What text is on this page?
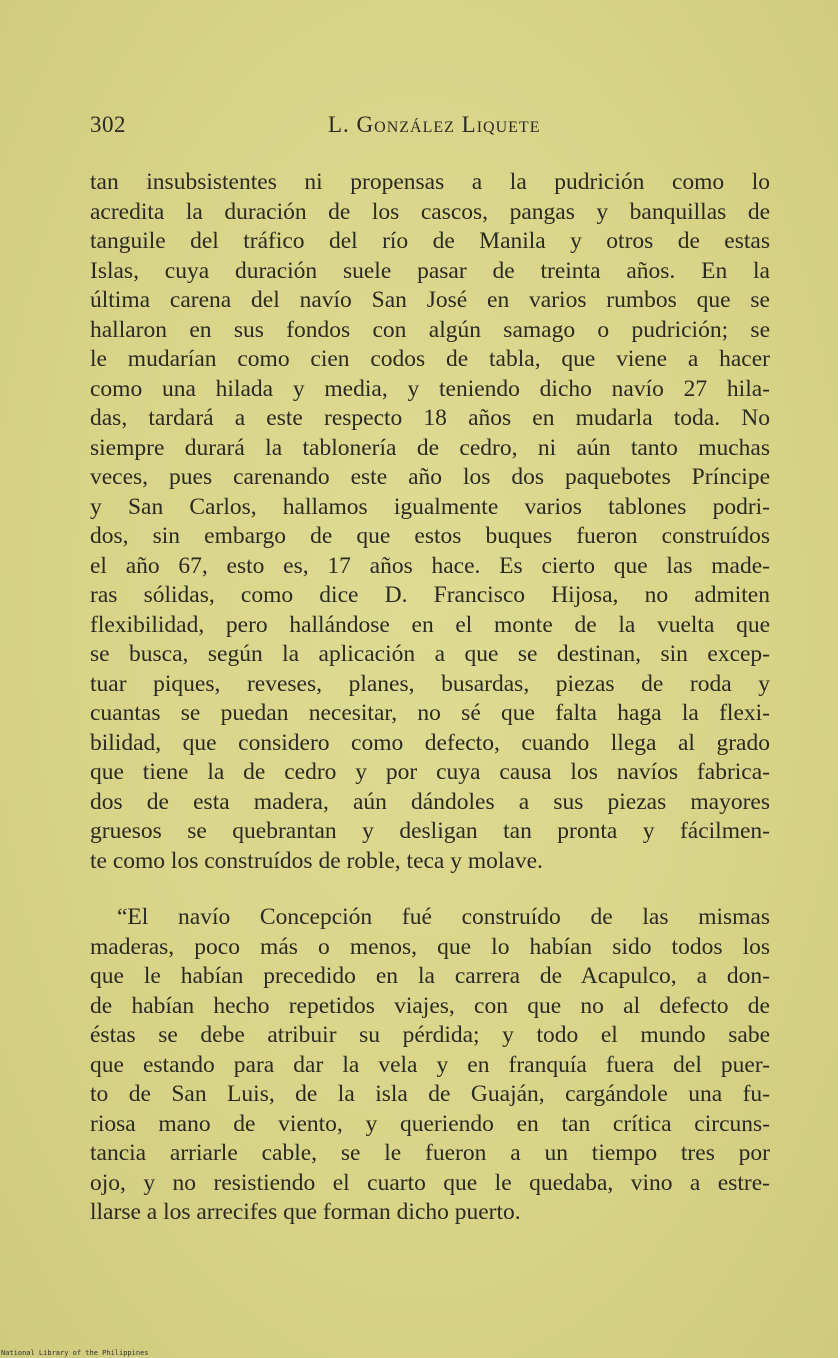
302	L. González Liquete
tan insubsistentes ni propensas a la pudrición como lo
acredita la duración de los cascos, pangas y banquillas de
tanguile del tráfico del río de Manila y otros de estas
Islas, cuya duración suele pasar de treinta años. En la
última carena del navío San José en varios rumbos que se
hallaron en sus fondos con algún samago o pudrición; se
le mudarían como cien codos de tabla, que viene a hacer
como una hilada y media, y teniendo dicho navío 27 hila-
das, tardará a este respecto 18 años en mudarla toda. No
siempre durará la tablonería de cedro, ni aún tanto muchas
veces, pues carenando este año los dos paquebotes Príncipe
y San Carlos, hallamos igualmente varios tablones podri-
dos, sin embargo de que estos buques fueron construídos
el año 67, esto es, 17 años hace. Es cierto que las made-
ras sólidas, como dice D. Francisco Hijosa, no admiten
flexibilidad, pero hallándose en el monte de la vuelta que
se busca, según la aplicación a que se destinan, sin excep-
tuar piques, reveses, planes, busardas, piezas de roda y
cuantas se puedan necesitar, no sé que falta haga la flexi-
bilidad, que considero como defecto, cuando llega al grado
que tiene la de cedro y por cuya causa los navíos fabrica-
dos de esta madera, aún dándoles a sus piezas mayores
gruesos se quebrantan y desligan tan pronta y fácilmen-
te como los construídos de roble, teca y molave.
“El navío Concepción fué construído de las mismas
maderas, poco más o menos, que lo habían sido todos los
que le habían precedido en la carrera de Acapulco, a don-
de habían hecho repetidos viajes, con que no al defecto de
éstas se debe atribuir su pérdida; y todo el mundo sabe
que estando para dar la vela y en franquía fuera del puer-
to de San Luis, de la isla de Guaján, cargándole una fu-
riosa mano de viento, y queriendo en tan crítica circuns-
tancia arriarle cable, se le fueron a un tiempo tres por
ojo, y no resistiendo el cuarto que le quedaba, vino a estre-
llarse a los arrecifes que forman dicho puerto.
National Library of the Philippines
